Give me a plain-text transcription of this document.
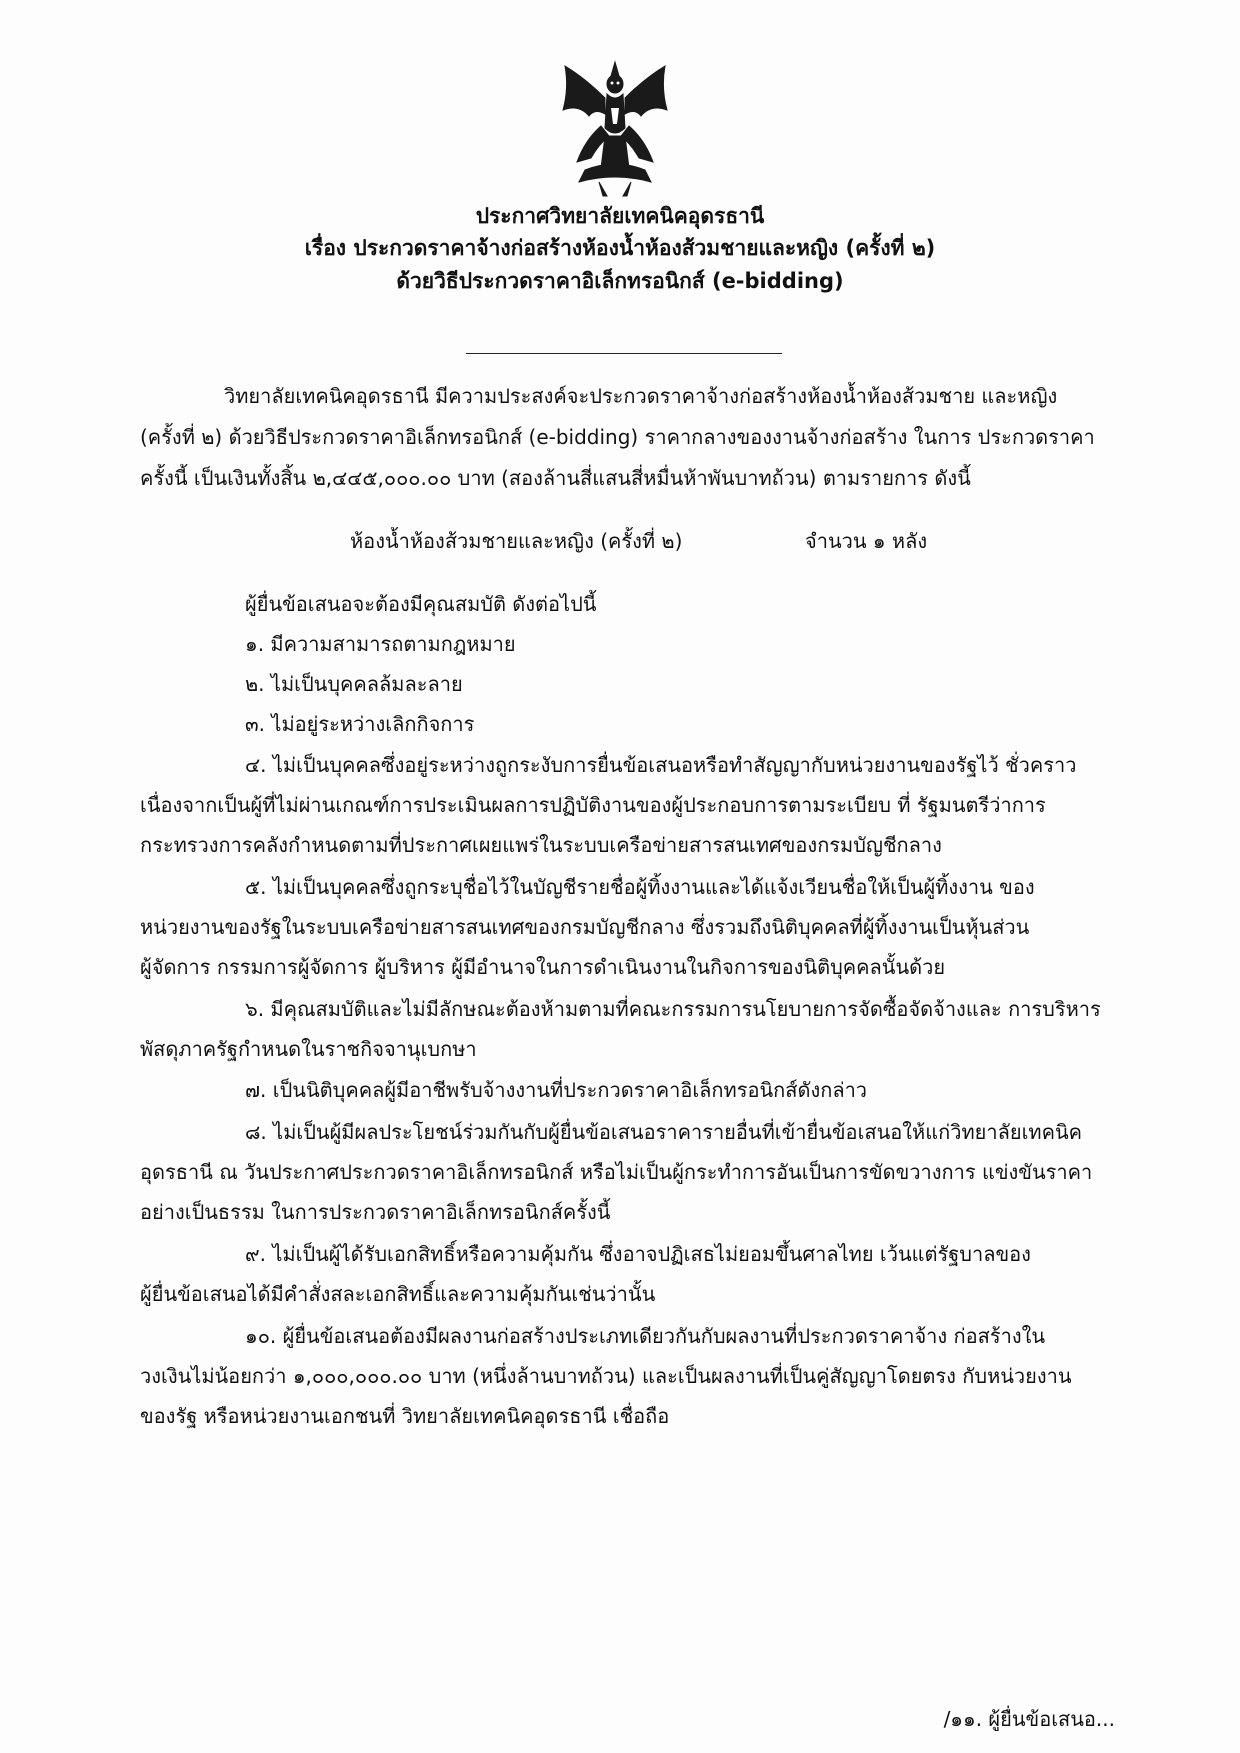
ประกาศวิทยาลัยเทคนิคอุดรธานี
เรื่อง ประกวดราคาจ้างก่อสร้างห้องน้ำห้องส้วมชายและหญิง (ครั้งที่ ๒)
ด้วยวิธีประกวดราคาอิเล็กทรอนิกส์ (e-bidding)
วิทยาลัยเทคนิคอุดรธานี มีความประสงค์จะประกวดราคาจ้างก่อสร้างห้องน้ำห้องส้วมชาย และหญิง
(ครั้งที่ ๒) ด้วยวิธีประกวดราคาอิเล็กทรอนิกส์ (e-bidding) ราคากลางของงานจ้างก่อสร้าง ในการ ประกวดราคา
ครั้งนี้ เป็นเงินทั้งสิ้น ๒,๔๔๕,๐๐๐.๐๐ บาท (สองล้านสี่แสนสี่หมื่นห้าพันบาทถ้วน) ตามรายการ ดังนี้
ห้องน้ำห้องส้วมชายและหญิง (ครั้งที่ ๒)	จำนวน ๑ หลัง
ผู้ยื่นข้อเสนอจะต้องมีคุณสมบัติ ดังต่อไปนี้
๑. มีความสามารถตามกฎหมาย
๒. ไม่เป็นบุคคลล้มละลาย
๓. ไม่อยู่ระหว่างเลิกกิจการ
๔. ไม่เป็นบุคคลซึ่งอยู่ระหว่างถูกระงับการยื่นข้อเสนอหรือทำสัญญากับหน่วยงานของรัฐไว้ ชั่วคราว
เนื่องจากเป็นผู้ที่ไม่ผ่านเกณฑ์การประเมินผลการปฏิบัติงานของผู้ประกอบการตามระเบียบ ที่ รัฐมนตรีว่าการ
กระทรวงการคลังกำหนดตามที่ประกาศเผยแพร่ในระบบเครือข่ายสารสนเทศของกรมบัญชีกลาง
๕. ไม่เป็นบุคคลซึ่งถูกระบุชื่อไว้ในบัญชีรายชื่อผู้ทิ้งงานและได้แจ้งเวียนชื่อให้เป็นผู้ทิ้งงาน ของ
หน่วยงานของรัฐในระบบเครือข่ายสารสนเทศของกรมบัญชีกลาง ซึ่งรวมถึงนิติบุคคลที่ผู้ทิ้งงานเป็นหุ้นส่วน
ผู้จัดการ กรรมการผู้จัดการ ผู้บริหาร ผู้มีอำนาจในการดำเนินงานในกิจการของนิติบุคคลนั้นด้วย
๖. มีคุณสมบัติและไม่มีลักษณะต้องห้ามตามที่คณะกรรมการนโยบายการจัดซื้อจัดจ้างและ การบริหาร
พัสดุภาครัฐกำหนดในราชกิจจานุเบกษา
๗. เป็นนิติบุคคลผู้มีอาชีพรับจ้างงานที่ประกวดราคาอิเล็กทรอนิกส์ดังกล่าว
๘. ไม่เป็นผู้มีผลประโยชน์ร่วมกันกับผู้ยื่นข้อเสนอราคารายอื่นที่เข้ายื่นข้อเสนอให้แก่วิทยาลัยเทคนิค
อุดรธานี ณ วันประกาศประกวดราคาอิเล็กทรอนิกส์ หรือไม่เป็นผู้กระทำการอันเป็นการขัดขวางการ แข่งขันราคา
อย่างเป็นธรรม ในการประกวดราคาอิเล็กทรอนิกส์ครั้งนี้
๙. ไม่เป็นผู้ได้รับเอกสิทธิ์หรือความคุ้มกัน ซึ่งอาจปฏิเสธไม่ยอมขึ้นศาลไทย เว้นแต่รัฐบาลของ
ผู้ยื่นข้อเสนอได้มีคำสั่งสละเอกสิทธิ์และความคุ้มกันเช่นว่านั้น
๑๐. ผู้ยื่นข้อเสนอต้องมีผลงานก่อสร้างประเภทเดียวกันกับผลงานที่ประกวดราคาจ้าง ก่อสร้างใน
วงเงินไม่น้อยกว่า ๑,๐๐๐,๐๐๐.๐๐ บาท (หนึ่งล้านบาทถ้วน) และเป็นผลงานที่เป็นคู่สัญญาโดยตรง กับหน่วยงาน
ของรัฐ หรือหน่วยงานเอกชนที่ วิทยาลัยเทคนิคอุดรธานี เชื่อถือ
/๑๑. ผู้ยื่นข้อเสนอ...
